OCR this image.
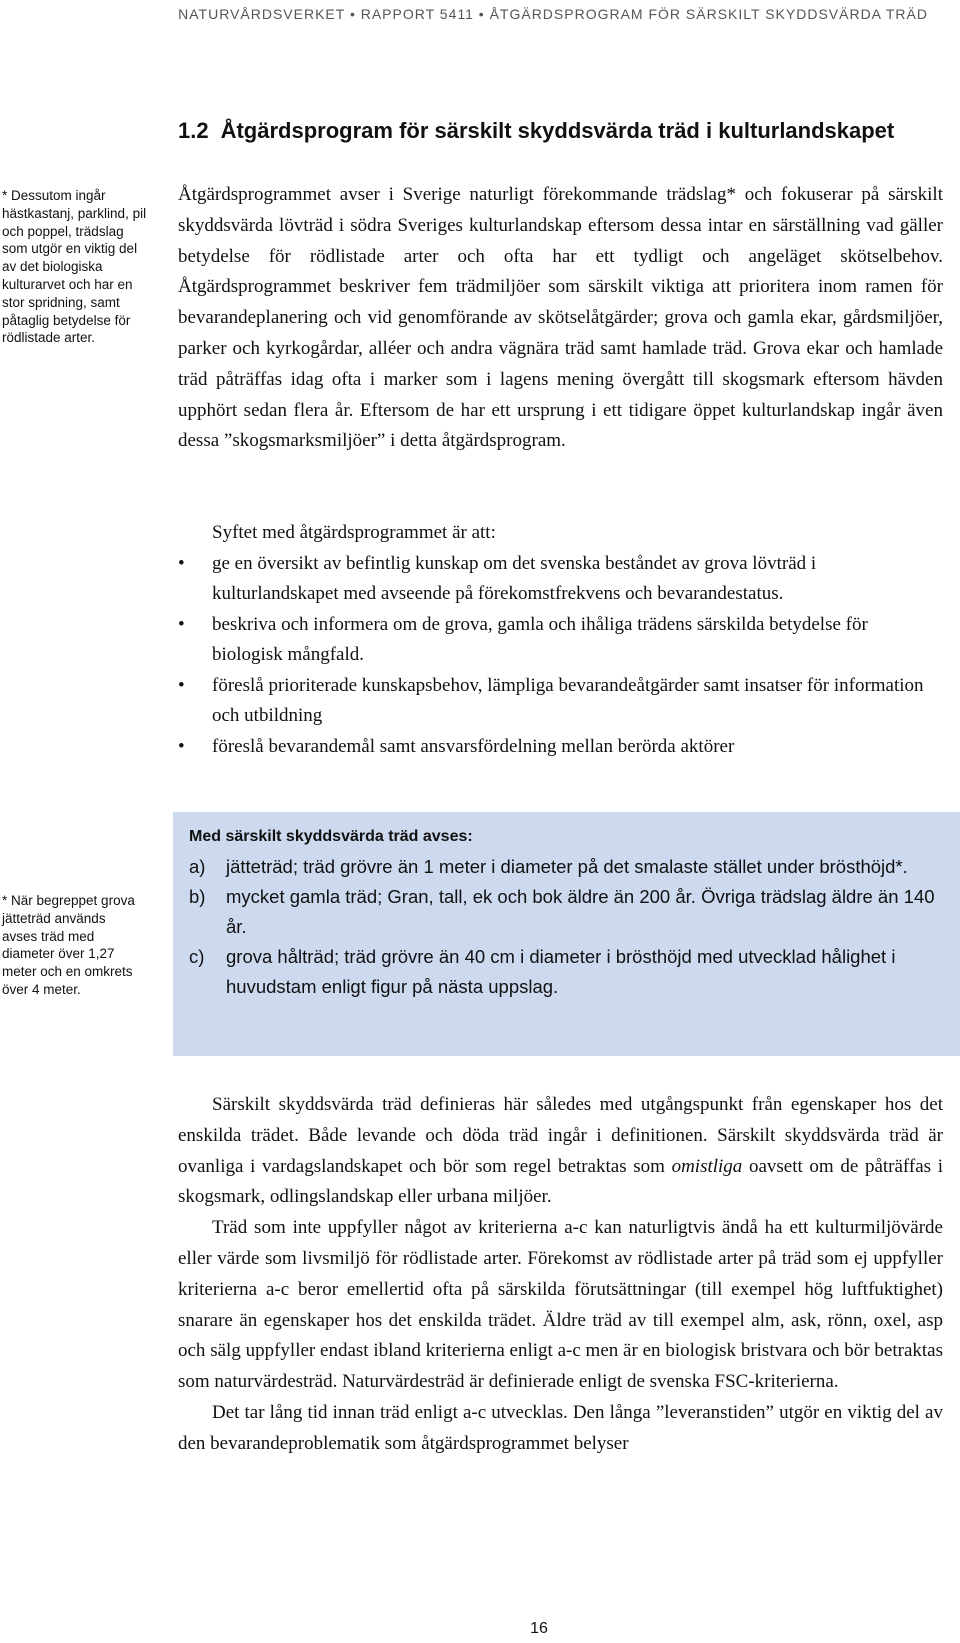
NATURVÅRDSVERKET • RAPPORT 5411 • ÅTGÄRDSPROGRAM FÖR SÄRSKILT SKYDDSVÄRDA TRÄD
1.2 Åtgärdsprogram för särskilt skyddsvärda träd i kulturlandskapet
* Dessutom ingår hästkastanj, parklind, pil och poppel, trädslag som utgör en viktig del av det biologiska kulturarvet och har en stor spridning, samt påtaglig betydelse för rödlistade arter.

Åtgärdsprogrammet avser i Sverige naturligt förekommande trädslag* och fokuserar på särskilt skyddsvärda lövträd i södra Sveriges kulturlandskap eftersom dessa intar en särställning vad gäller betydelse för rödlistade arter och ofta har ett tydligt och angeläget skötselbehov. Åtgärdsprogrammet beskriver fem trädmiljöer som särskilt viktiga att prioritera inom ramen för bevarandeplanering och vid genomförande av skötselåtgärder; grova och gamla ekar, gårdsmiljöer, parker och kyrkogårdar, alléer och andra vägnära träd samt hamlade träd. Grova ekar och hamlade träd påträffas idag ofta i marker som i lagens mening övergått till skogsmark eftersom hävden upphört sedan flera år. Eftersom de har ett ursprung i ett tidigare öppet kulturlandskap ingår även dessa ”skogsmarksmiljöer” i detta åtgärdsprogram.

Syftet med åtgärdsprogrammet är att:

• ge en översikt av befintlig kunskap om det svenska beståndet av grova lövträd i kulturlandskapet med avseende på förekomstfrekvens och bevarandestatus.
• beskriva och informera om de grova, gamla och ihåliga trädens särskilda betydelse för biologisk mångfald.
• föreslå prioriterade kunskapsbehov, lämpliga bevarandeåtgärder samt insatser för information och utbildning
• föreslå bevarandemål samt ansvarsfördelning mellan berörda aktörer
* När begreppet grova jätteträd används avses träd med diameter över 1,27 meter och en omkrets över 4 meter.

Med särskilt skyddsvärda träd avses:

a) jätteträd; träd grövre än 1 meter i diameter på det smalaste stället under brösthöjd*.
b) mycket gamla träd; Gran, tall, ek och bok äldre än 200 år. Övriga trädslag äldre än 140 år.
c) grova hålträd; träd grövre än 40 cm i diameter i brösthöjd med utvecklad hålighet i huvudstam enligt figur på nästa uppslag.

Särskilt skyddsvärda träd definieras här således med utgångspunkt från egenskaper hos det enskilda trädet. Både levande och döda träd ingår i definitionen. Särskilt skyddsvärda träd är ovanliga i vardagslandskapet och bör som regel betraktas som omistliga oavsett om de påträffas i skogsmark, odlingslandskap eller urbana miljöer.

Träd som inte uppfyller något av kriterierna a-c kan naturligtvis ändå ha ett kulturmiljövärde eller värde som livsmiljö för rödlistade arter. Förekomst av rödlistade arter på träd som ej uppfyller kriterierna a-c beror emellertid ofta på särskilda förutsättningar (till exempel hög luftfuktighet) snarare än egenskaper hos det enskilda trädet. Äldre träd av till exempel alm, ask, rönn, oxel, asp och sälg uppfyller endast ibland kriterierna enligt a-c men är en biologisk bristvara och bör betraktas som naturvärdesträd. Naturvärdesträd är definierade enligt de svenska FSC-kriterierna.

Det tar lång tid innan träd enligt a-c utvecklas. Den långa ”leveranstiden” utgör en viktig del av den bevarandeproblematik som åtgärdsprogrammet belyser

16
